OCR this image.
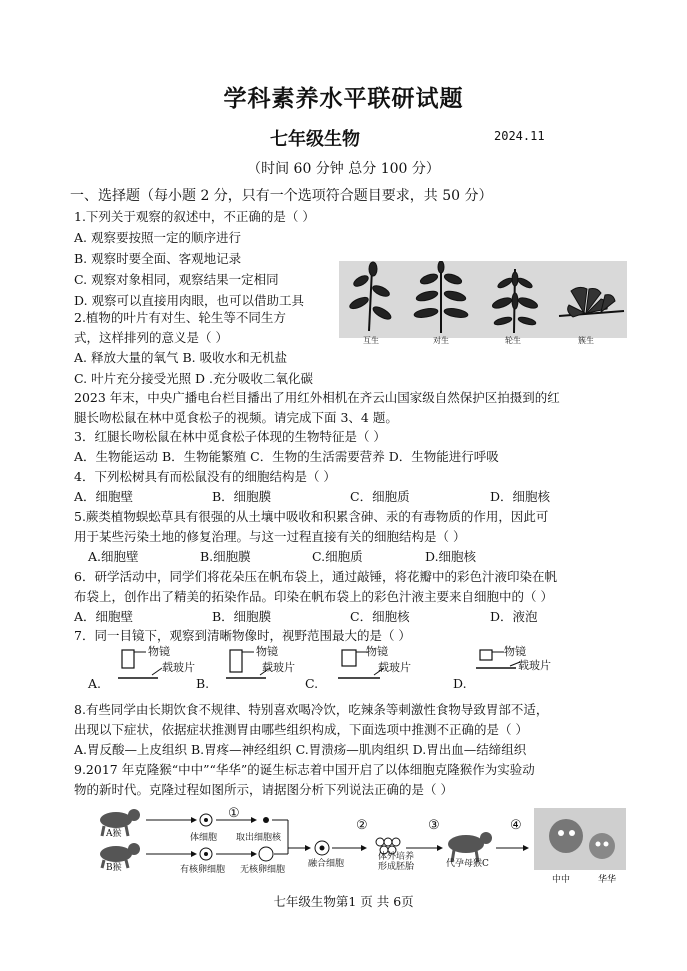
学科素养水平联研试题
七年级生物	2024.11
（时间 60 分钟 总分 100 分）
一、选择题（每小题 2 分，只有一个选项符合题目要求，共 50 分）
1.下列关于观察的叙述中，不正确的是（ ）
A. 观察要按照一定的顺序进行
B. 观察时要全面、客观地记录
C. 观察对象相同，观察结果一定相同
D. 观察可以直接用肉眼，也可以借助工具
互生	对生	轮生	簇生
2.植物的叶片有对生、轮生等不同生方
式，这样排列的意义是（ ）
A. 释放大量的氧气 B. 吸收水和无机盐
C. 叶片充分接受光照 D .充分吸收二氧化碳
2023 年末，中央广播电台栏目播出了用红外相机在齐云山国家级自然保护区拍摄到的红
腿长吻松鼠在林中觅食松子的视频。请完成下面 3、4 题。
3．红腿长吻松鼠在林中觅食松子体现的生物特征是（ ）
A．生物能运动 B．生物能繁殖 C．生物的生活需要营养 D．生物能进行呼吸
4．下列松树具有而松鼠没有的细胞结构是（ ）
A．细胞壁	B．细胞膜	C．细胞质	D．细胞核
5.蕨类植物蜈蚣草具有很强的从土壤中吸收和积累含砷、汞的有毒物质的作用，因此可
用于某些污染土地的修复治理。与这一过程直接有关的细胞结构是（ ）
A.细胞壁	B.细胞膜	C.细胞质	D.细胞核
6．研学活动中，同学们将花朵压在帆布袋上，通过敲锤，将花瓣中的彩色汁液印染在帆
布袋上，创作出了精美的拓染作品。印染在帆布袋上的彩色汁液主要来自细胞中的（ ）
A．细胞壁	B．细胞膜	C．细胞核	D．液泡
7．同一目镜下，观察到清晰物像时，视野范围最大的是（ ）
物镜
载玻片
物镜
载玻片
物镜
载玻片
物镜
载玻片
A.	B.	C.	D.
8.有些同学由长期饮食不规律、特别喜欢喝冷饮，吃辣条等刺激性食物导致胃部不适，
出现以下症状，依据症状推测胃由哪些组织构成，下面选项中推测不正确的是（ ）
A.胃反酸—上皮组织 B.胃疼—神经组织 C.胃溃疡—肌肉组织 D.胃出血—结缔组织
9.2017 年克隆猴“中中”“华华”的诞生标志着中国开启了以体细胞克隆猴作为实验动
物的新时代。克隆过程如图所示，请据图分析下列说法正确的是（ ）
A猴
B猴
体细胞 取出细胞核
有核卵细胞 无核卵细胞
融合细胞
体外培养
形成胚胎	代孕母猴C
①
②	③	④
中中	华华
七年级生物第1 页 共 6页
